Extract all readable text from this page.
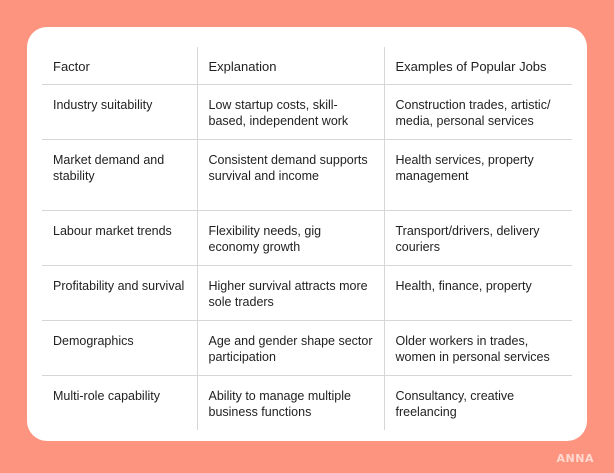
Factor	Explanation	Examples of Popular Jobs
Industry suitability	Low startup costs, skill-based, independent work	Construction trades, artistic/ media, personal services
Market demand and stability	Consistent demand supports survival and income	Health services, property management
Labour market trends	Flexibility needs, gig economy growth	Transport/drivers, delivery couriers
Profitability and survival	Higher survival attracts more sole traders	Health, finance, property
Demographics	Age and gender shape sector participation	Older workers in trades, women in personal services
Multi-role capability	Ability to manage multiple business functions	Consultancy, creative freelancing
ANNA
